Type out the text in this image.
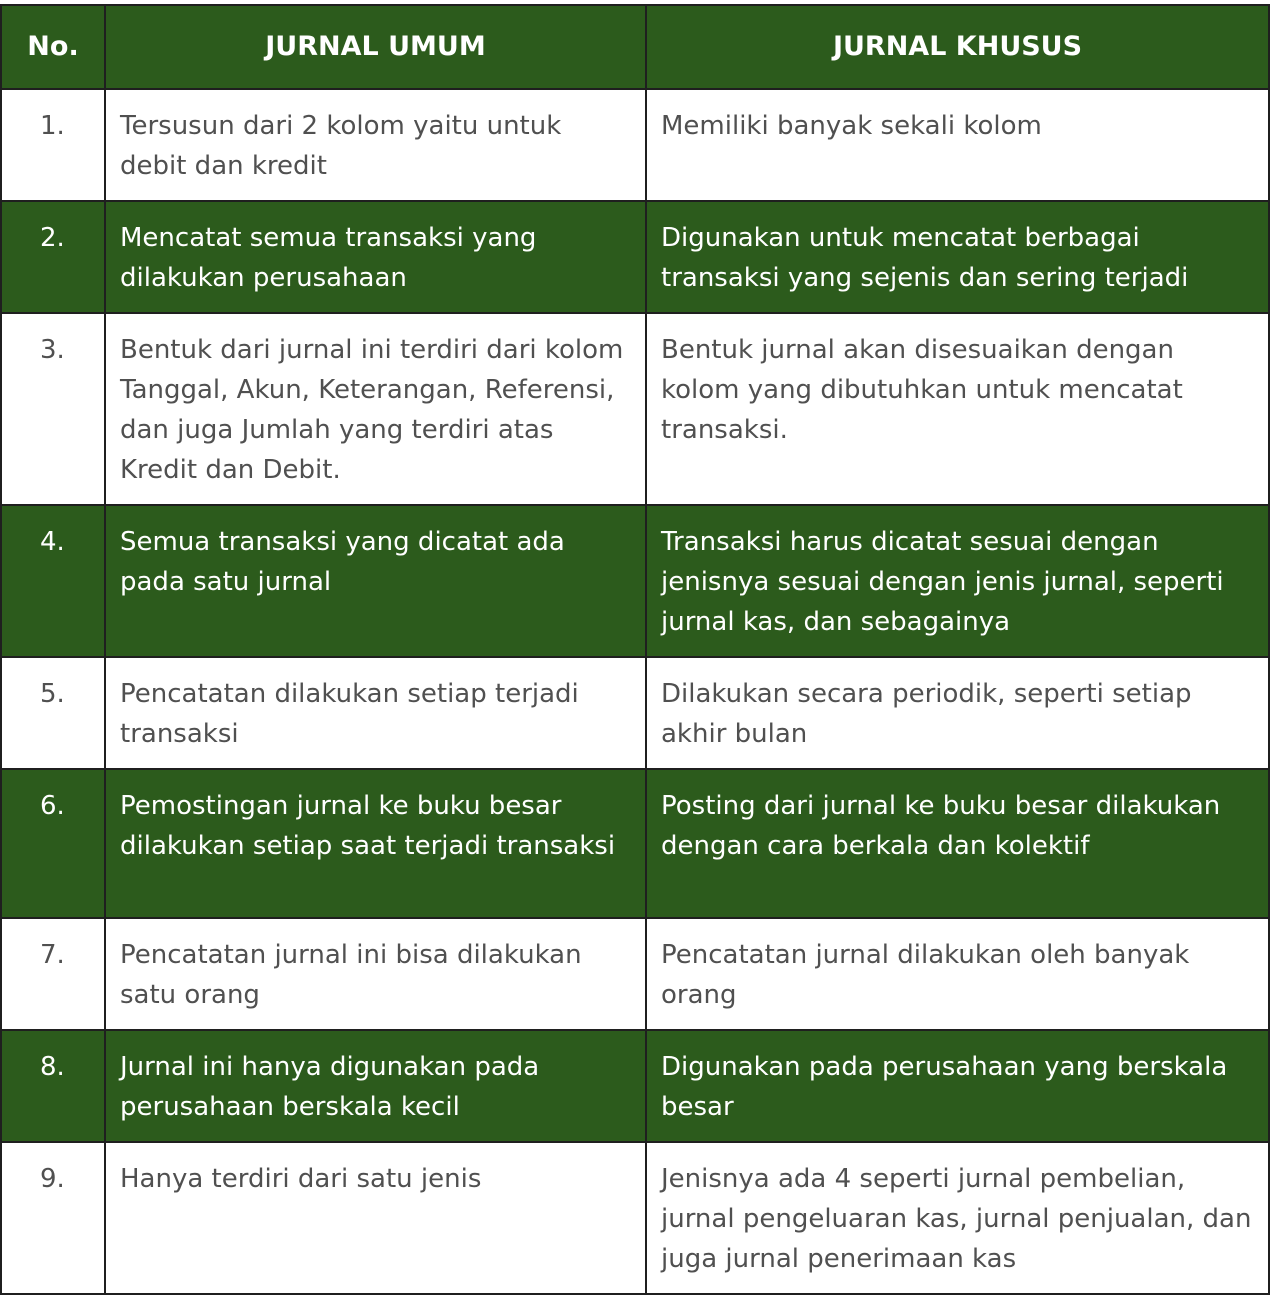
No.	JURNAL UMUM	JURNAL KHUSUS
1.	Tersusun dari 2 kolom yaitu untuk debit dan kredit	Memiliki banyak sekali kolom
2.	Mencatat semua transaksi yang dilakukan perusahaan	Digunakan untuk mencatat berbagai transaksi yang sejenis dan sering terjadi
3.	Bentuk dari jurnal ini terdiri dari kolom Tanggal, Akun, Keterangan, Referensi, dan juga Jumlah yang terdiri atas Kredit dan Debit.	Bentuk jurnal akan disesuaikan dengan kolom yang dibutuhkan untuk mencatat transaksi.
4.	Semua transaksi yang dicatat ada pada satu jurnal	Transaksi harus dicatat sesuai dengan jenisnya sesuai dengan jenis jurnal, seperti jurnal kas, dan sebagainya
5.	Pencatatan dilakukan setiap terjadi transaksi	Dilakukan secara periodik, seperti setiap akhir bulan
6.	Pemostingan jurnal ke buku besar dilakukan setiap saat terjadi transaksi	Posting dari jurnal ke buku besar dilakukan dengan cara berkala dan kolektif
7.	Pencatatan jurnal ini bisa dilakukan satu orang	Pencatatan jurnal dilakukan oleh banyak orang
8.	Jurnal ini hanya digunakan pada perusahaan berskala kecil	Digunakan pada perusahaan yang berskala besar
9.	Hanya terdiri dari satu jenis	Jenisnya ada 4 seperti jurnal pembelian, jurnal pengeluaran kas, jurnal penjualan, dan juga jurnal penerimaan kas
